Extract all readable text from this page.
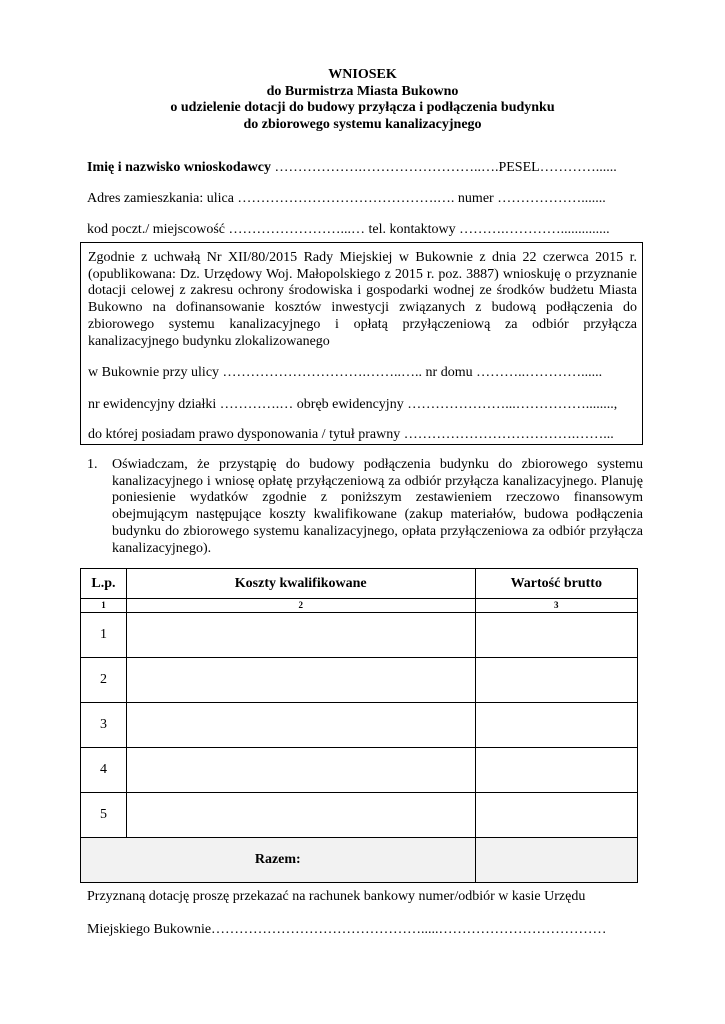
WNIOSEK
do Burmistrza Miasta Bukowno
o udzielenie dotacji do budowy przyłącza i podłączenia budynku
do zbiorowego systemu kanalizacyjnego
Imię i nazwisko wnioskodawcy ……………….……………………..….PESEL…………......
Adres zamieszkania: ulica …………………………………….…. numer ……………….......
kod poczt./ miejscowość ……………………...… tel. kontaktowy ……….…………..............
Zgodnie z uchwałą Nr XII/80/2015 Rady Miejskiej w Bukownie z dnia 22 czerwca 2015 r. (opublikowana: Dz. Urzędowy Woj. Małopolskiego z 2015 r. poz. 3887) wnioskuję o przyznanie dotacji celowej z zakresu ochrony środowiska i gospodarki wodnej ze środków budżetu Miasta Bukowno na dofinansowanie kosztów inwestycji związanych z budową podłączenia do zbiorowego systemu kanalizacyjnego i opłatą przyłączeniową za odbiór przyłącza kanalizacyjnego budynku zlokalizowanego
w Bukownie przy ulicy ………………………….……..….. nr domu ………..…………......
nr ewidencyjny działki ………….… obręb ewidencyjny …………………...……………........,
do której posiadam prawo dysponowania / tytuł prawny ……………………………….……...
1. Oświadczam, że przystąpię do budowy podłączenia budynku do zbiorowego systemu kanalizacyjnego i wniosę opłatę przyłączeniową za odbiór przyłącza kanalizacyjnego. Planuję poniesienie wydatków zgodnie z poniższym zestawieniem rzeczowo finansowym obejmującym następujące koszty kwalifikowane (zakup materiałów, budowa podłączenia budynku do zbiorowego systemu kanalizacyjnego, opłata przyłączeniowa za odbiór przyłącza kanalizacyjnego).
L.p.	Koszty kwalifikowane	Wartość brutto
1	2	3
1		
2		
3		
4		
5		
Razem:		
Przyznaną dotację proszę przekazać na rachunek bankowy numer/odbiór w kasie Urzędu
Miejskiego Bukownie……………………………………….....………………………………
